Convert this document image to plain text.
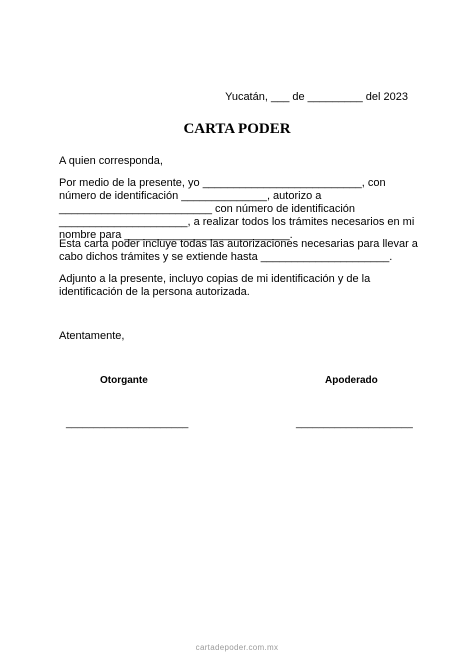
Yucatán, ___ de _________ del 2023
CARTA PODER

A quien corresponda,

Por medio de la presente, yo __________________________, con número de identificación ______________, autorizo a _________________________ con número de identificación _____________________, a realizar todos los trámites necesarios en mi nombre para ___________________________.

Esta carta poder incluye todas las autorizaciones necesarias para llevar a cabo dichos trámites y se extiende hasta _____________________.

Adjunto a la presente, incluyo copias de mi identificación y de la identificación de la persona autorizada.

Atentamente,

Otorgante	Apoderado
______________________	_____________________
cartadepoder.com.mx
